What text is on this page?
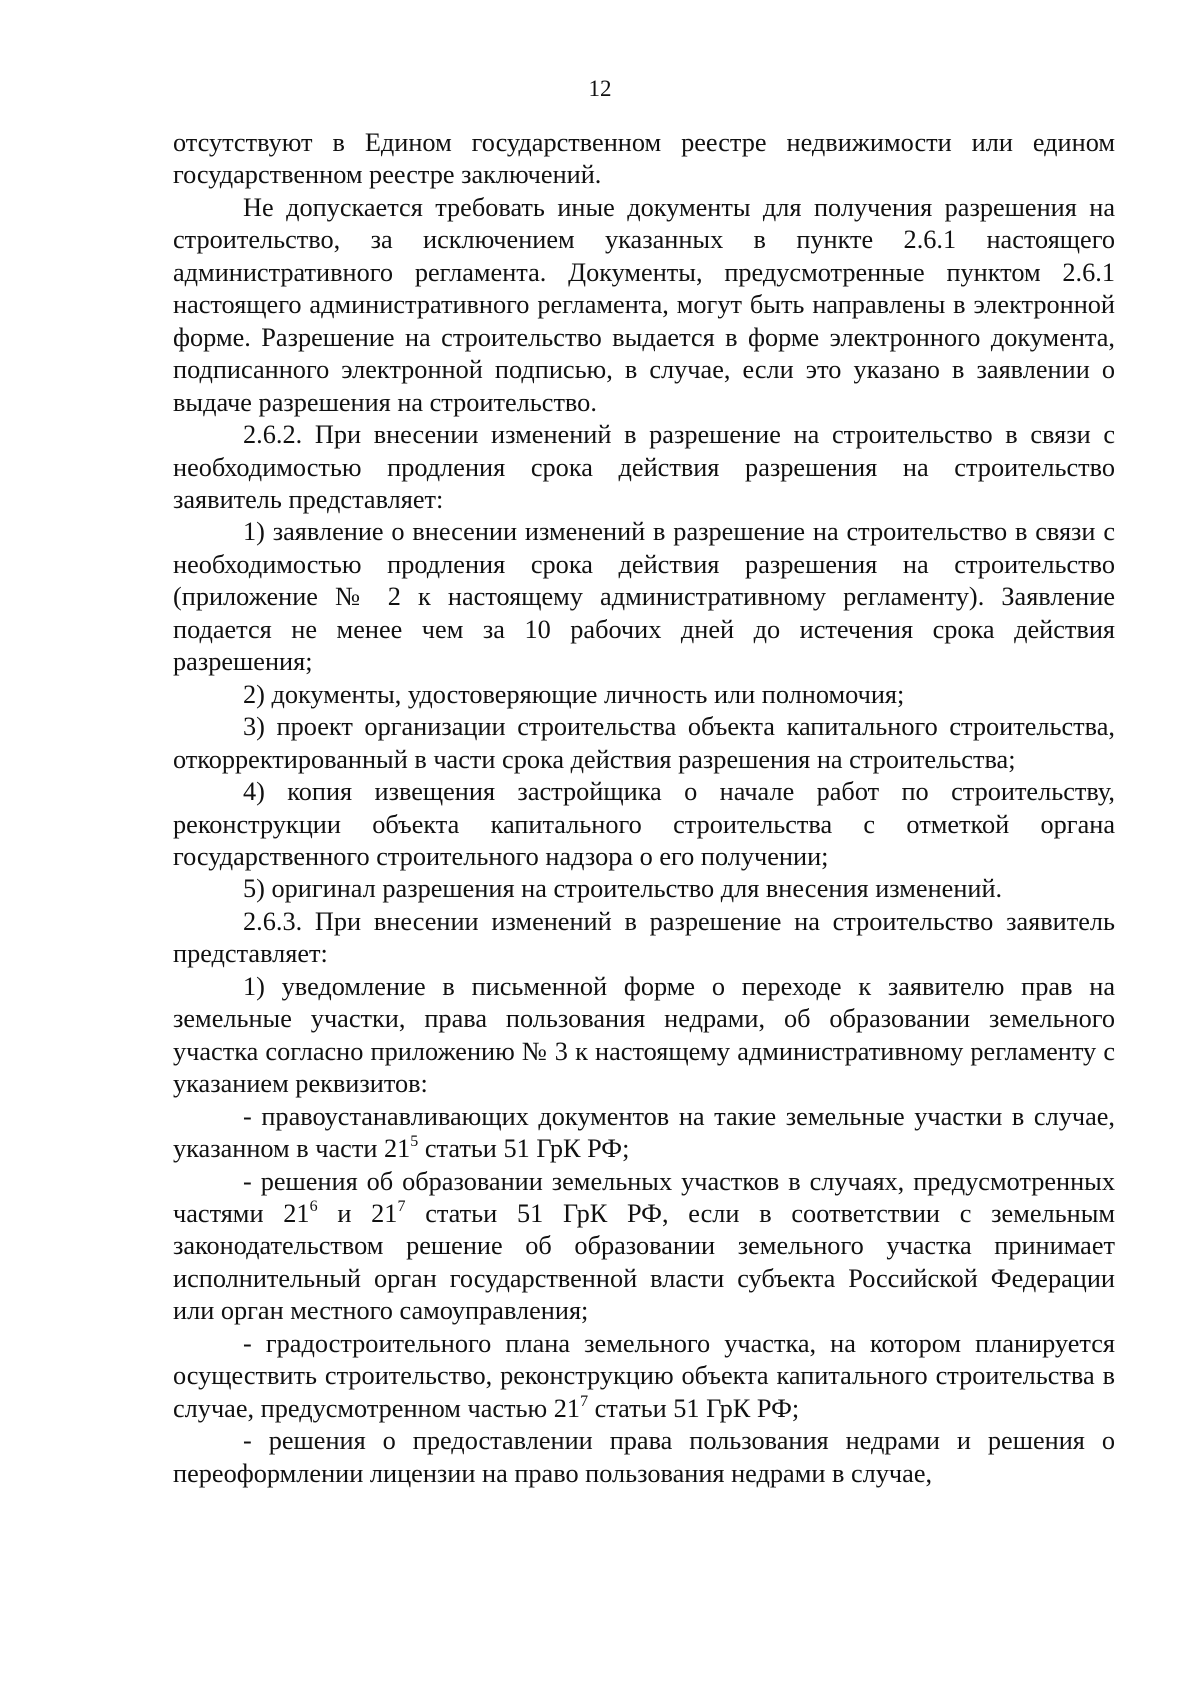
12

отсутствуют в Едином государственном реестре недвижимости или едином государственном реестре заключений.

Не допускается требовать иные документы для получения разрешения на строительство, за исключением указанных в пункте 2.6.1 настоящего административного регламента. Документы, предусмотренные пунктом 2.6.1 настоящего административного регламента, могут быть направлены в электронной форме. Разрешение на строительство выдается в форме электронного документа, подписанного электронной подписью, в случае, если это указано в заявлении о выдаче разрешения на строительство.

2.6.2. При внесении изменений в разрешение на строительство в связи с необходимостью продления срока действия разрешения на строительство заявитель представляет:

1) заявление о внесении изменений в разрешение на строительство в связи с необходимостью продления срока действия разрешения на строительство (приложение № 2 к настоящему административному регламенту). Заявление подается не менее чем за 10 рабочих дней до истечения срока действия разрешения;

2) документы, удостоверяющие личность или полномочия;

3) проект организации строительства объекта капитального строительства, откорректированный в части срока действия разрешения на строительства;

4) копия извещения застройщика о начале работ по строительству, реконструкции объекта капитального строительства с отметкой органа государственного строительного надзора о его получении;

5) оригинал разрешения на строительство для внесения изменений.

2.6.3. При внесении изменений в разрешение на строительство заявитель представляет:

1) уведомление в письменной форме о переходе к заявителю прав на земельные участки, права пользования недрами, об образовании земельного участка согласно приложению № 3 к настоящему административному регламенту с указанием реквизитов:

- правоустанавливающих документов на такие земельные участки в случае, указанном в части $21^5$ статьи 51 ГрК РФ;

- решения об образовании земельных участков в случаях, предусмотренных частями $21^6$ и $21^7$ статьи 51 ГрК РФ, если в соответствии с земельным законодательством решение об образовании земельного участка принимает исполнительный орган государственной власти субъекта Российской Федерации или орган местного самоуправления;

- градостроительного плана земельного участка, на котором планируется осуществить строительство, реконструкцию объекта капитального строительства в случае, предусмотренном частью $21^7$ статьи 51 ГрК РФ;

- решения о предоставлении права пользования недрами и решения о переоформлении лицензии на право пользования недрами в случае,
